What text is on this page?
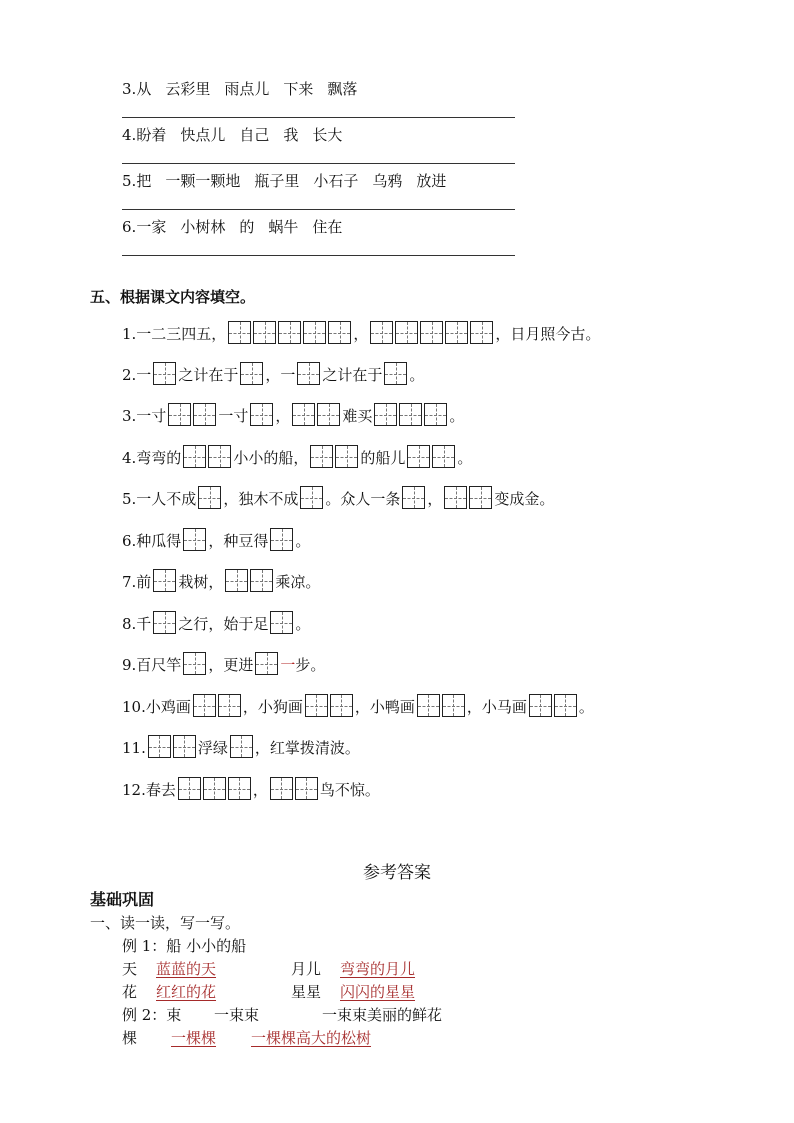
3.从 云彩里 雨点儿 下来 飘落
4.盼着 快点儿 自己 我 长大
5.把 一颗一颗地 瓶子里 小石子 乌鸦 放进
6.一家 小树林 的 蜗牛 住在
五、根据课文内容填空。
1.一二三四五，	，	，日月照今古。
2.一 之计在于 ，一 之计在于 。
3.一寸	一寸 ，	难买	。
4.弯弯的	小小的船，	的船儿	。
5.一人不成 ，独木不成 。众人一条 ，	变成金。
6.种瓜得 ，种豆得 。
7.前 栽树，	乘凉。
8.千 之行，始于足 。
9.百尺竿 ，更进 一 步。
10.小鸡画	，小狗画	，小鸭画	，小马画	。
11.	浮绿 ，红掌拨清波。
12.春去	，	鸟不惊。
参考答案
基础巩固
一、读一读，写一写。
例 1：船 小小的船
天 蓝蓝的天	月儿 弯弯的月儿
花 红红的花	星星 闪闪的星星
例 2：束 一束束	一束束美丽的鲜花
棵 一棵棵 一棵棵高大的松树
